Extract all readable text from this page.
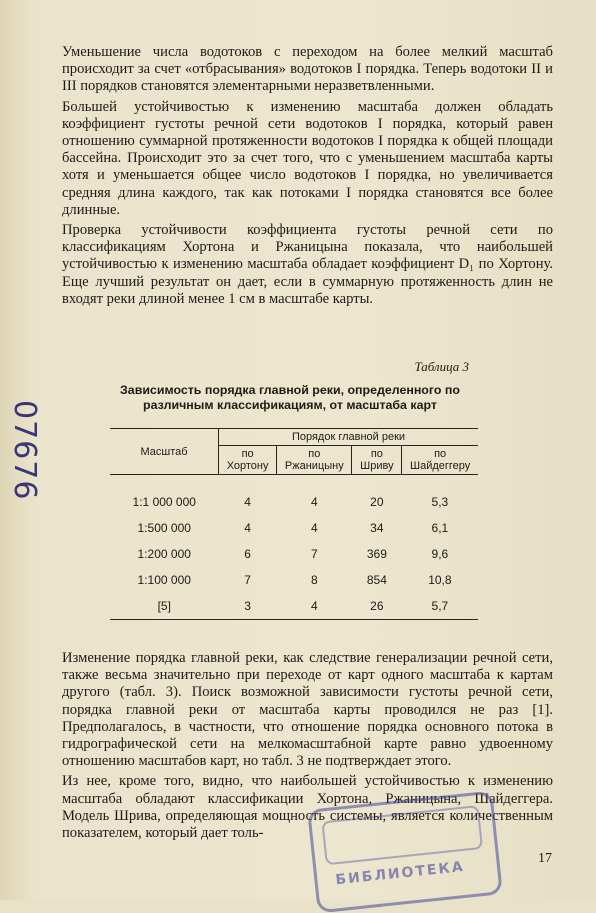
Уменьшение числа водотоков с переходом на более мелкий масштаб происходит за счет «отбрасывания» водотоков I порядка. Теперь водотоки II и III порядков становятся элементарными неразветвленными.

Большей устойчивостью к изменению масштаба должен обладать коэффициент густоты речной сети водотоков I порядка, который равен отношению суммарной протяженности водотоков I порядка к общей площади бассейна. Происходит это за счет того, что с уменьшением масштаба карты хотя и уменьшается общее число водотоков I порядка, но увеличивается средняя длина каждого, так как потоками I порядка становятся все более длинные.

Проверка устойчивости коэффициента густоты речной сети по классификациям Хортона и Ржаницына показала, что наибольшей устойчивостью к изменению масштаба обладает коэффициент D₁ по Хортону. Еще лучший результат он дает, если в суммарную протяженность длин не входят реки длиной менее 1 см в масштабе карты.

Таблица 3
Зависимость порядка главной реки, определенного по различным классификациям, от масштаба карт
Масштаб	Порядок главной реки			
	по Хортону	по Ржаницыну	по Шриву	по Шайдеггеру
1:1 000 000	4	4	20	5,3
1:500 000	4	4	34	6,1
1:200 000	6	7	369	9,6
1:100 000	7	8	854	10,8
[5]	3	4	26	5,7

Изменение порядка главной реки, как следствие генерализации речной сети, также весьма значительно при переходе от карт одного масштаба к картам другого (табл. 3). Поиск возможной зависимости густоты речной сети, порядка главной реки от масштаба карты проводился не раз [1]. Предполагалось, в частности, что отношение порядка основного потока в гидрографической сети на мелкомасштабной карте равно удвоенному отношению масштабов карт, но табл. 3 не подтверждает этого.

Из нее, кроме того, видно, что наибольшей устойчивостью к изменению масштаба обладают классификации Хортона, Ржаницына, Шайдеггера. Модель Шрива, определяющая мощность системы, является количественным показателем, который дает толь-

07676
БИБЛИОТЕКА
17
